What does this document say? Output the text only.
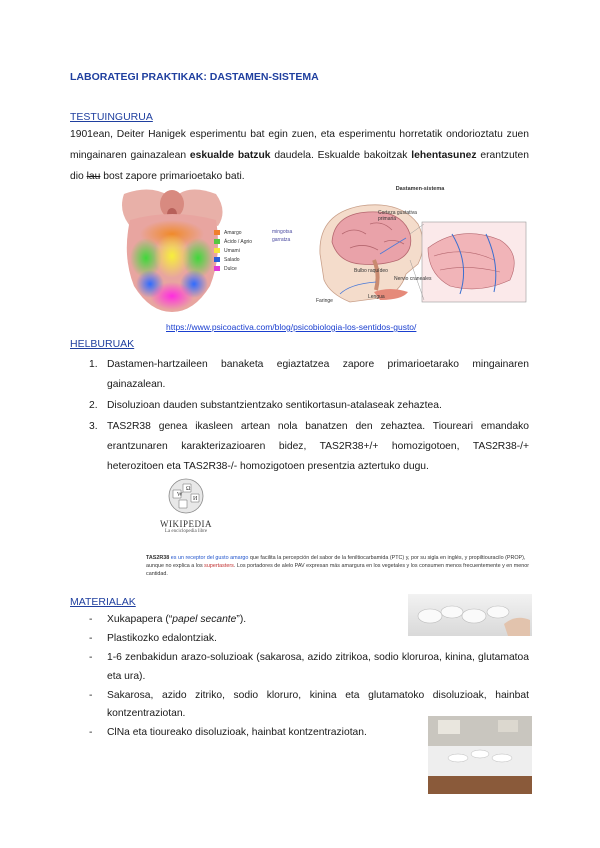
LABORATEGI PRAKTIKAK: DASTAMEN-SISTEMA
TESTUINGURUA

1901ean, Deiter Hanigek esperimentu bat egin zuen, eta esperimentu horretatik ondorioztatu zuen mingainaren gainazalean eskualde batzuk daudela. Eskualde bakoitzak lehentasunez erantzuten dio lau bost zapore primarioetako bati.

Amargo
Ácido / Agrio
Umami
Salado
Dulce
mingotsa
garratza
Dastamen-sistema
Corteza gustativa primaria
Bulbo raquídeo
Nervio craneales
Faringe
Lengua
https://www.psicoactiva.com/blog/psicobiologia-los-sentidos-gusto/
HELBURUAK
1. Dastamen-hartzaileen banaketa egiaztatzea zapore primarioetarako mingainaren gainazalean.
2. Disoluzioan dauden substantzientzako sentikortasun-atalaseak zehaztea.
3. TAS2R38 genea ikasleen artean nola banatzen den zehaztea. Tioureari emandako erantzunaren karakterizazioaren bidez, TAS2R38+/+ homozigotoen, TAS2R38-/+ heterozitoen eta TAS2R38-/- homozigotoen presentzia aztertuko dugu.
W
Ω
И
WIKIPEDIA
La enciclopedia libre
TAS2R38 es un receptor del gusto amargo que facilita la percepción del sabor de la feniltiocarbamida (PTC) y, por su sigla en inglés, y propiltiouracilo (PROP), aunque no explica a los supertasters. Los portadores de alelo PAV expresan más amargura en los vegetales y los consumen menos frecuentemente y en menor cantidad.
MATERIALAK
- Xukapapera (“papel secante”).
- Plastikozko edalontziak.
- 1-6 zenbakidun arazo-soluzioak (sakarosa, azido zitrikoa, sodio kloruroa, kinina, glutamatoa eta ura).
- Sakarosa, azido zitriko, sodio kloruro, kinina eta glutamatoko disoluzioak, hainbat kontzentraziotan.
- ClNa eta tioureako disoluzioak, hainbat kontzentraziotan.
